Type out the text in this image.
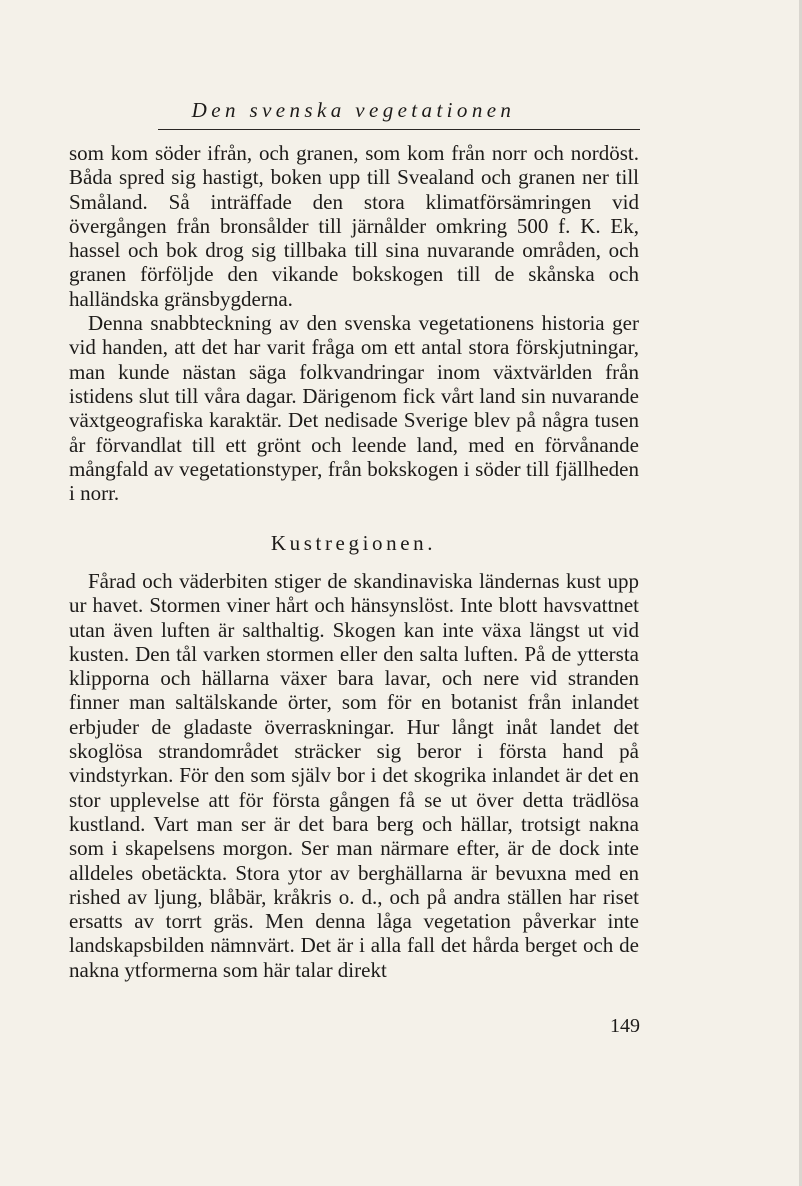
Den svenska vegetationen

som kom söder ifrån, och granen, som kom från norr och nordöst. Båda spred sig hastigt, boken upp till Svealand och granen ner till Småland. Så inträffade den stora klimatförsämringen vid övergången från bronsålder till järnålder omkring 500 f. K. Ek, hassel och bok drog sig tillbaka till sina nuvarande områden, och granen förföljde den vikande bokskogen till de skånska och halländska gränsbygderna.

Denna snabbteckning av den svenska vegetationens historia ger vid handen, att det har varit fråga om ett antal stora förskjutningar, man kunde nästan säga folkvandringar inom växtvärlden från istidens slut till våra dagar. Därigenom fick vårt land sin nuvarande växtgeografiska karaktär. Det nedisade Sverige blev på några tusen år förvandlat till ett grönt och leende land, med en förvånande mångfald av vegetationstyper, från bokskogen i söder till fjällheden i norr.

Kustregionen.

Fårad och väderbiten stiger de skandinaviska ländernas kust upp ur havet. Stormen viner hårt och hänsynslöst. Inte blott havsvattnet utan även luften är salthaltig. Skogen kan inte växa längst ut vid kusten. Den tål varken stormen eller den salta luften. På de yttersta klipporna och hällarna växer bara lavar, och nere vid stranden finner man saltälskande örter, som för en botanist från inlandet erbjuder de gladaste överraskningar. Hur långt inåt landet det skoglösa strandområdet sträcker sig beror i första hand på vindstyrkan. För den som själv bor i det skogrika inlandet är det en stor upplevelse att för första gången få se ut över detta trädlösa kustland. Vart man ser är det bara berg och hällar, trotsigt nakna som i skapelsens morgon. Ser man närmare efter, är de dock inte alldeles obetäckta. Stora ytor av berghällarna är bevuxna med en rished av ljung, blåbär, kråkris o. d., och på andra ställen har riset ersatts av torrt gräs. Men denna låga vegetation påverkar inte landskapsbilden nämnvärt. Det är i alla fall det hårda berget och de nakna ytformerna som här talar direkt

149
